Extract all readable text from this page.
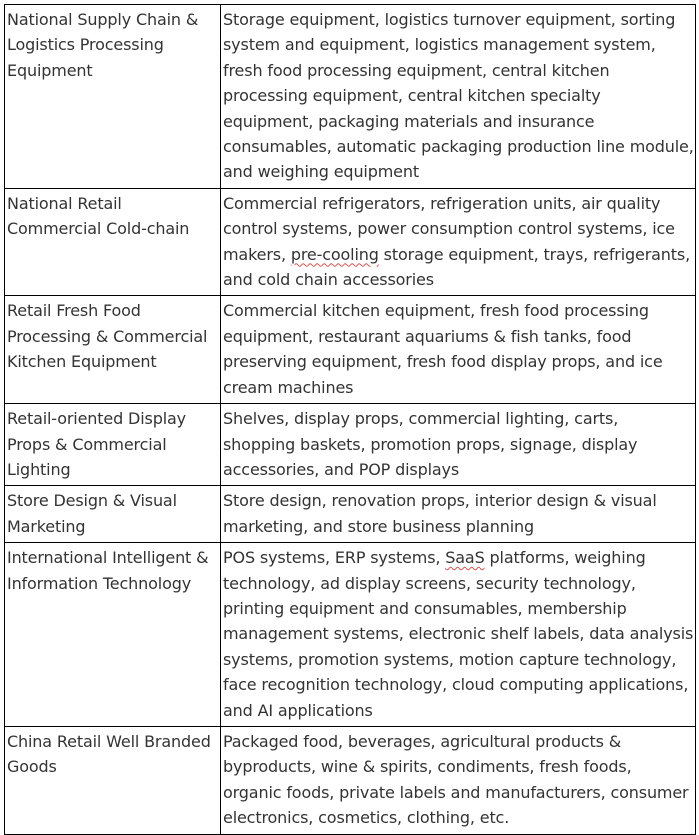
National Supply Chain & Logistics Processing Equipment	Storage equipment, logistics turnover equipment, sorting system and equipment, logistics management system, fresh food processing equipment, central kitchen processing equipment, central kitchen specialty equipment, packaging materials and insurance consumables, automatic packaging production line module, and weighing equipment
National Retail Commercial Cold-chain	Commercial refrigerators, refrigeration units, air quality control systems, power consumption control systems, ice makers, pre-cooling storage equipment, trays, refrigerants, and cold chain accessories
Retail Fresh Food Processing & Commercial Kitchen Equipment	Commercial kitchen equipment, fresh food processing equipment, restaurant aquariums & fish tanks, food preserving equipment, fresh food display props, and ice cream machines
Retail-oriented Display Props & Commercial Lighting	Shelves, display props, commercial lighting, carts, shopping baskets, promotion props, signage, display accessories, and POP displays
Store Design & Visual Marketing	Store design, renovation props, interior design & visual marketing, and store business planning
International Intelligent & Information Technology	POS systems, ERP systems, SaaS platforms, weighing technology, ad display screens, security technology, printing equipment and consumables, membership management systems, electronic shelf labels, data analysis systems, promotion systems, motion capture technology, face recognition technology, cloud computing applications, and AI applications
China Retail Well Branded Goods	Packaged food, beverages, agricultural products & byproducts, wine & spirits, condiments, fresh foods, organic foods, private labels and manufacturers, consumer electronics, cosmetics, clothing, etc.
